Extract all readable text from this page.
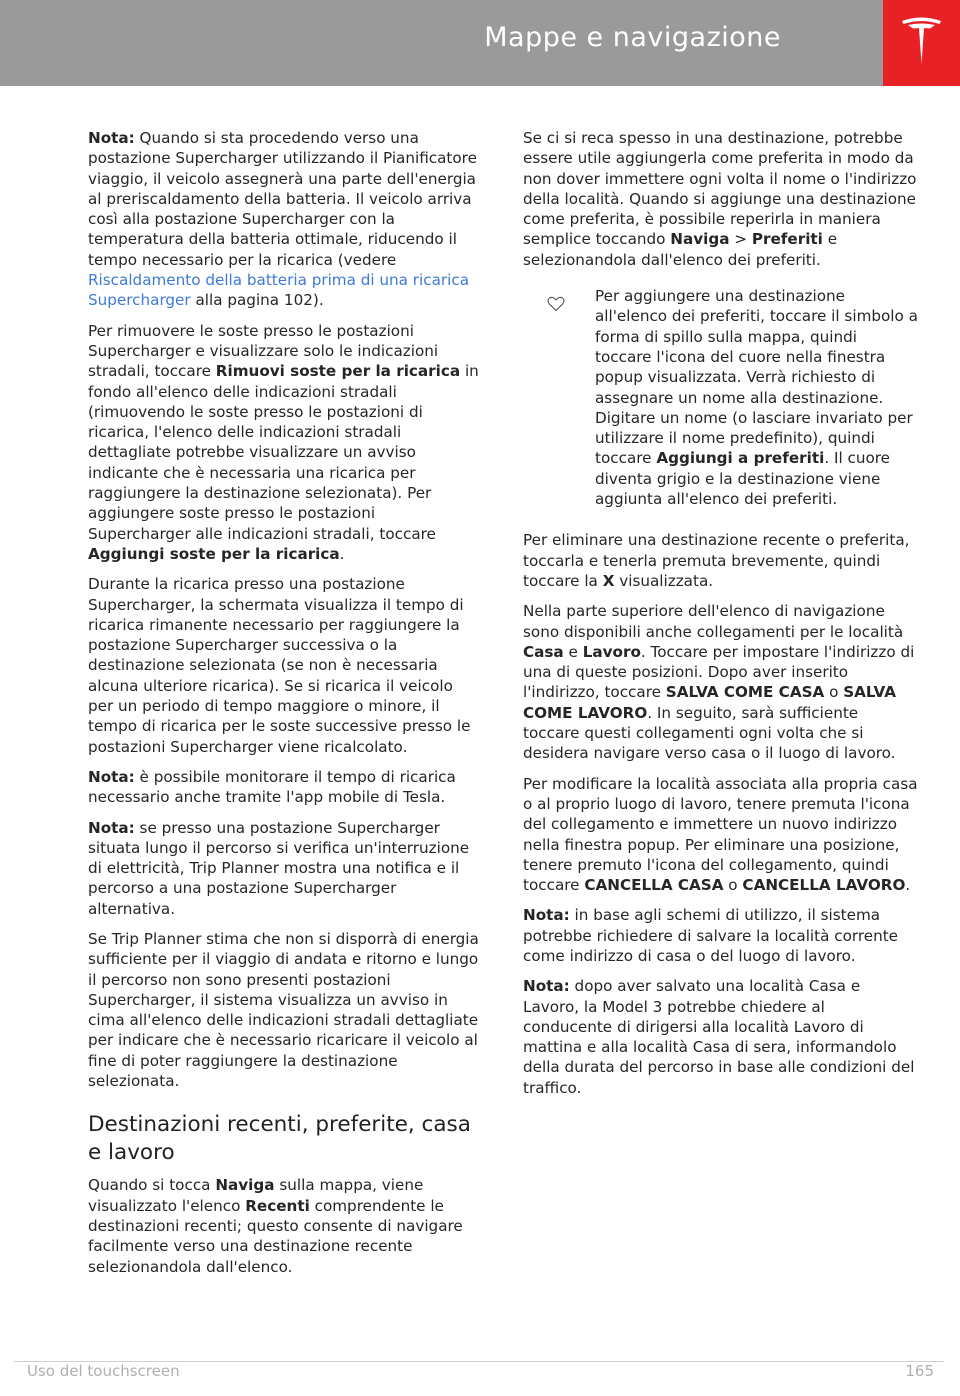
Mappe e navigazione

Nota: Quando si sta procedendo verso una postazione Supercharger utilizzando il Pianificatore viaggio, il veicolo assegnerà una parte dell'energia al preriscaldamento della batteria. Il veicolo arriva così alla postazione Supercharger con la temperatura della batteria ottimale, riducendo il tempo necessario per la ricarica (vedere Riscaldamento della batteria prima di una ricarica Supercharger alla pagina 102).

Per rimuovere le soste presso le postazioni Supercharger e visualizzare solo le indicazioni stradali, toccare Rimuovi soste per la ricarica in fondo all'elenco delle indicazioni stradali (rimuovendo le soste presso le postazioni di ricarica, l'elenco delle indicazioni stradali dettagliate potrebbe visualizzare un avviso indicante che è necessaria una ricarica per raggiungere la destinazione selezionata). Per aggiungere soste presso le postazioni Supercharger alle indicazioni stradali, toccare Aggiungi soste per la ricarica.

Durante la ricarica presso una postazione Supercharger, la schermata visualizza il tempo di ricarica rimanente necessario per raggiungere la postazione Supercharger successiva o la destinazione selezionata (se non è necessaria alcuna ulteriore ricarica). Se si ricarica il veicolo per un periodo di tempo maggiore o minore, il tempo di ricarica per le soste successive presso le postazioni Supercharger viene ricalcolato.

Nota: è possibile monitorare il tempo di ricarica necessario anche tramite l'app mobile di Tesla.

Nota: se presso una postazione Supercharger situata lungo il percorso si verifica un'interruzione di elettricità, Trip Planner mostra una notifica e il percorso a una postazione Supercharger alternativa.

Se Trip Planner stima che non si disporrà di energia sufficiente per il viaggio di andata e ritorno e lungo il percorso non sono presenti postazioni Supercharger, il sistema visualizza un avviso in cima all'elenco delle indicazioni stradali dettagliate per indicare che è necessario ricaricare il veicolo al fine di poter raggiungere la destinazione selezionata.

Destinazioni recenti, preferite, casa e lavoro

Quando si tocca Naviga sulla mappa, viene visualizzato l'elenco Recenti comprendente le destinazioni recenti; questo consente di navigare facilmente verso una destinazione recente selezionandola dall'elenco.

Se ci si reca spesso in una destinazione, potrebbe essere utile aggiungerla come preferita in modo da non dover immettere ogni volta il nome o l'indirizzo della località. Quando si aggiunge una destinazione come preferita, è possibile reperirla in maniera semplice toccando Naviga > Preferiti e selezionandola dall'elenco dei preferiti.

Per aggiungere una destinazione all'elenco dei preferiti, toccare il simbolo a forma di spillo sulla mappa, quindi toccare l'icona del cuore nella finestra popup visualizzata. Verrà richiesto di assegnare un nome alla destinazione. Digitare un nome (o lasciare invariato per utilizzare il nome predefinito), quindi toccare Aggiungi a preferiti. Il cuore diventa grigio e la destinazione viene aggiunta all'elenco dei preferiti.

Per eliminare una destinazione recente o preferita, toccarla e tenerla premuta brevemente, quindi toccare la X visualizzata.

Nella parte superiore dell'elenco di navigazione sono disponibili anche collegamenti per le località Casa e Lavoro. Toccare per impostare l'indirizzo di una di queste posizioni. Dopo aver inserito l'indirizzo, toccare SALVA COME CASA o SALVA COME LAVORO. In seguito, sarà sufficiente toccare questi collegamenti ogni volta che si desidera navigare verso casa o il luogo di lavoro.

Per modificare la località associata alla propria casa o al proprio luogo di lavoro, tenere premuta l'icona del collegamento e immettere un nuovo indirizzo nella finestra popup. Per eliminare una posizione, tenere premuto l'icona del collegamento, quindi toccare CANCELLA CASA o CANCELLA LAVORO.

Nota: in base agli schemi di utilizzo, il sistema potrebbe richiedere di salvare la località corrente come indirizzo di casa o del luogo di lavoro.

Nota: dopo aver salvato una località Casa e Lavoro, la Model 3 potrebbe chiedere al conducente di dirigersi alla località Lavoro di mattina e alla località Casa di sera, informandolo della durata del percorso in base alle condizioni del traffico.

Uso del touchscreen	165
